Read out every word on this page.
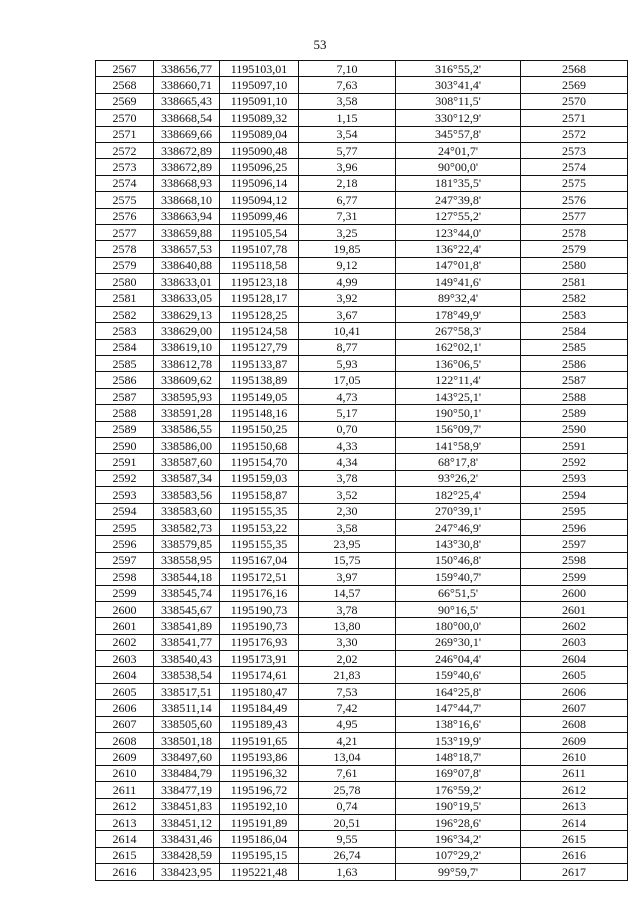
53
2567	338656,77	1195103,01	7,10	316°55,2'	2568
2568	338660,71	1195097,10	7,63	303°41,4'	2569
2569	338665,43	1195091,10	3,58	308°11,5'	2570
2570	338668,54	1195089,32	1,15	330°12,9'	2571
2571	338669,66	1195089,04	3,54	345°57,8'	2572
2572	338672,89	1195090,48	5,77	24°01,7'	2573
2573	338672,89	1195096,25	3,96	90°00,0'	2574
2574	338668,93	1195096,14	2,18	181°35,5'	2575
2575	338668,10	1195094,12	6,77	247°39,8'	2576
2576	338663,94	1195099,46	7,31	127°55,2'	2577
2577	338659,88	1195105,54	3,25	123°44,0'	2578
2578	338657,53	1195107,78	19,85	136°22,4'	2579
2579	338640,88	1195118,58	9,12	147°01,8'	2580
2580	338633,01	1195123,18	4,99	149°41,6'	2581
2581	338633,05	1195128,17	3,92	89°32,4'	2582
2582	338629,13	1195128,25	3,67	178°49,9'	2583
2583	338629,00	1195124,58	10,41	267°58,3'	2584
2584	338619,10	1195127,79	8,77	162°02,1'	2585
2585	338612,78	1195133,87	5,93	136°06,5'	2586
2586	338609,62	1195138,89	17,05	122°11,4'	2587
2587	338595,93	1195149,05	4,73	143°25,1'	2588
2588	338591,28	1195148,16	5,17	190°50,1'	2589
2589	338586,55	1195150,25	0,70	156°09,7'	2590
2590	338586,00	1195150,68	4,33	141°58,9'	2591
2591	338587,60	1195154,70	4,34	68°17,8'	2592
2592	338587,34	1195159,03	3,78	93°26,2'	2593
2593	338583,56	1195158,87	3,52	182°25,4'	2594
2594	338583,60	1195155,35	2,30	270°39,1'	2595
2595	338582,73	1195153,22	3,58	247°46,9'	2596
2596	338579,85	1195155,35	23,95	143°30,8'	2597
2597	338558,95	1195167,04	15,75	150°46,8'	2598
2598	338544,18	1195172,51	3,97	159°40,7'	2599
2599	338545,74	1195176,16	14,57	66°51,5'	2600
2600	338545,67	1195190,73	3,78	90°16,5'	2601
2601	338541,89	1195190,73	13,80	180°00,0'	2602
2602	338541,77	1195176,93	3,30	269°30,1'	2603
2603	338540,43	1195173,91	2,02	246°04,4'	2604
2604	338538,54	1195174,61	21,83	159°40,6'	2605
2605	338517,51	1195180,47	7,53	164°25,8'	2606
2606	338511,14	1195184,49	7,42	147°44,7'	2607
2607	338505,60	1195189,43	4,95	138°16,6'	2608
2608	338501,18	1195191,65	4,21	153°19,9'	2609
2609	338497,60	1195193,86	13,04	148°18,7'	2610
2610	338484,79	1195196,32	7,61	169°07,8'	2611
2611	338477,19	1195196,72	25,78	176°59,2'	2612
2612	338451,83	1195192,10	0,74	190°19,5'	2613
2613	338451,12	1195191,89	20,51	196°28,6'	2614
2614	338431,46	1195186,04	9,55	196°34,2'	2615
2615	338428,59	1195195,15	26,74	107°29,2'	2616
2616	338423,95	1195221,48	1,63	99°59,7'	2617
